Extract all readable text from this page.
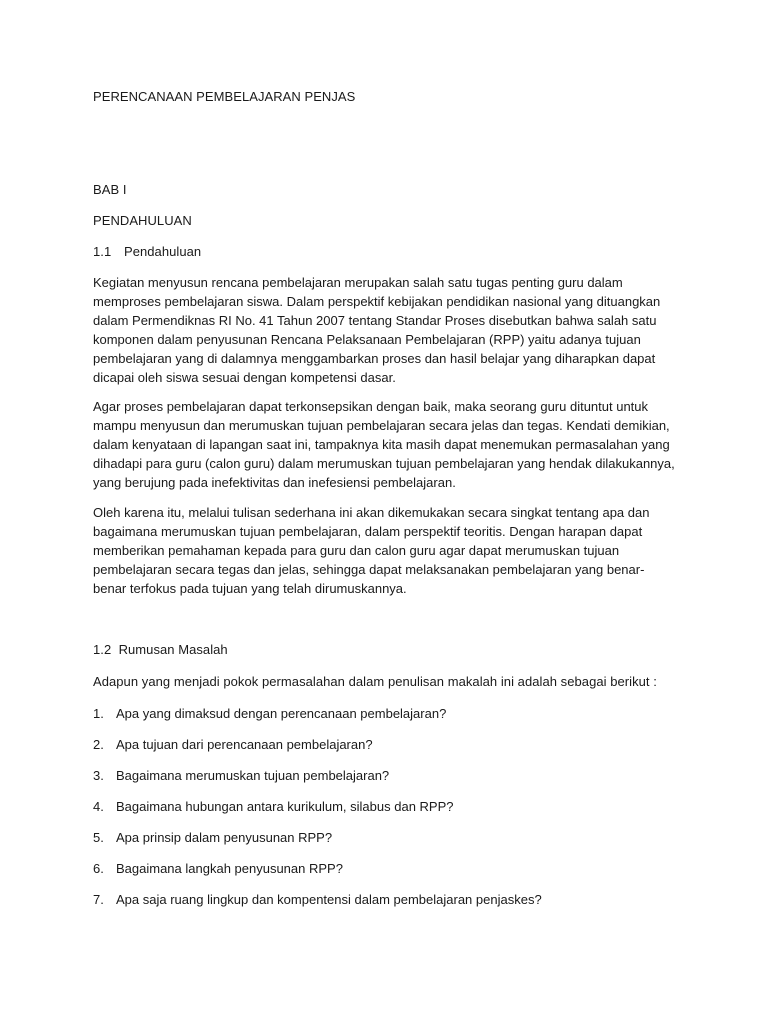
PERENCANAAN PEMBELAJARAN PENJAS
BAB I
PENDAHULUAN
1.1 Pendahuluan
Kegiatan menyusun rencana pembelajaran merupakan salah satu tugas penting guru dalam
memproses pembelajaran siswa. Dalam perspektif kebijakan pendidikan nasional yang dituangkan
dalam Permendiknas RI No. 41 Tahun 2007 tentang Standar Proses disebutkan bahwa salah satu
komponen dalam penyusunan Rencana Pelaksanaan Pembelajaran (RPP) yaitu adanya tujuan
pembelajaran yang di dalamnya menggambarkan proses dan hasil belajar yang diharapkan dapat
dicapai oleh siswa sesuai dengan kompetensi dasar.
Agar proses pembelajaran dapat terkonsepsikan dengan baik, maka seorang guru dituntut untuk
mampu menyusun dan merumuskan tujuan pembelajaran secara jelas dan tegas. Kendati demikian,
dalam kenyataan di lapangan saat ini, tampaknya kita masih dapat menemukan permasalahan yang
dihadapi para guru (calon guru) dalam merumuskan tujuan pembelajaran yang hendak dilakukannya,
yang berujung pada inefektivitas dan inefesiensi pembelajaran.
Oleh karena itu, melalui tulisan sederhana ini akan dikemukakan secara singkat tentang apa dan
bagaimana merumuskan tujuan pembelajaran, dalam perspektif teoritis. Dengan harapan dapat
memberikan pemahaman kepada para guru dan calon guru agar dapat merumuskan tujuan
pembelajaran secara tegas dan jelas, sehingga dapat melaksanakan pembelajaran yang benar-
benar terfokus pada tujuan yang telah dirumuskannya.
1.2 Rumusan Masalah
Adapun yang menjadi pokok permasalahan dalam penulisan makalah ini adalah sebagai berikut :
1. Apa yang dimaksud dengan perencanaan pembelajaran?
2. Apa tujuan dari perencanaan pembelajaran?
3. Bagaimana merumuskan tujuan pembelajaran?
4. Bagaimana hubungan antara kurikulum, silabus dan RPP?
5. Apa prinsip dalam penyusunan RPP?
6. Bagaimana langkah penyusunan RPP?
7. Apa saja ruang lingkup dan kompentensi dalam pembelajaran penjaskes?
